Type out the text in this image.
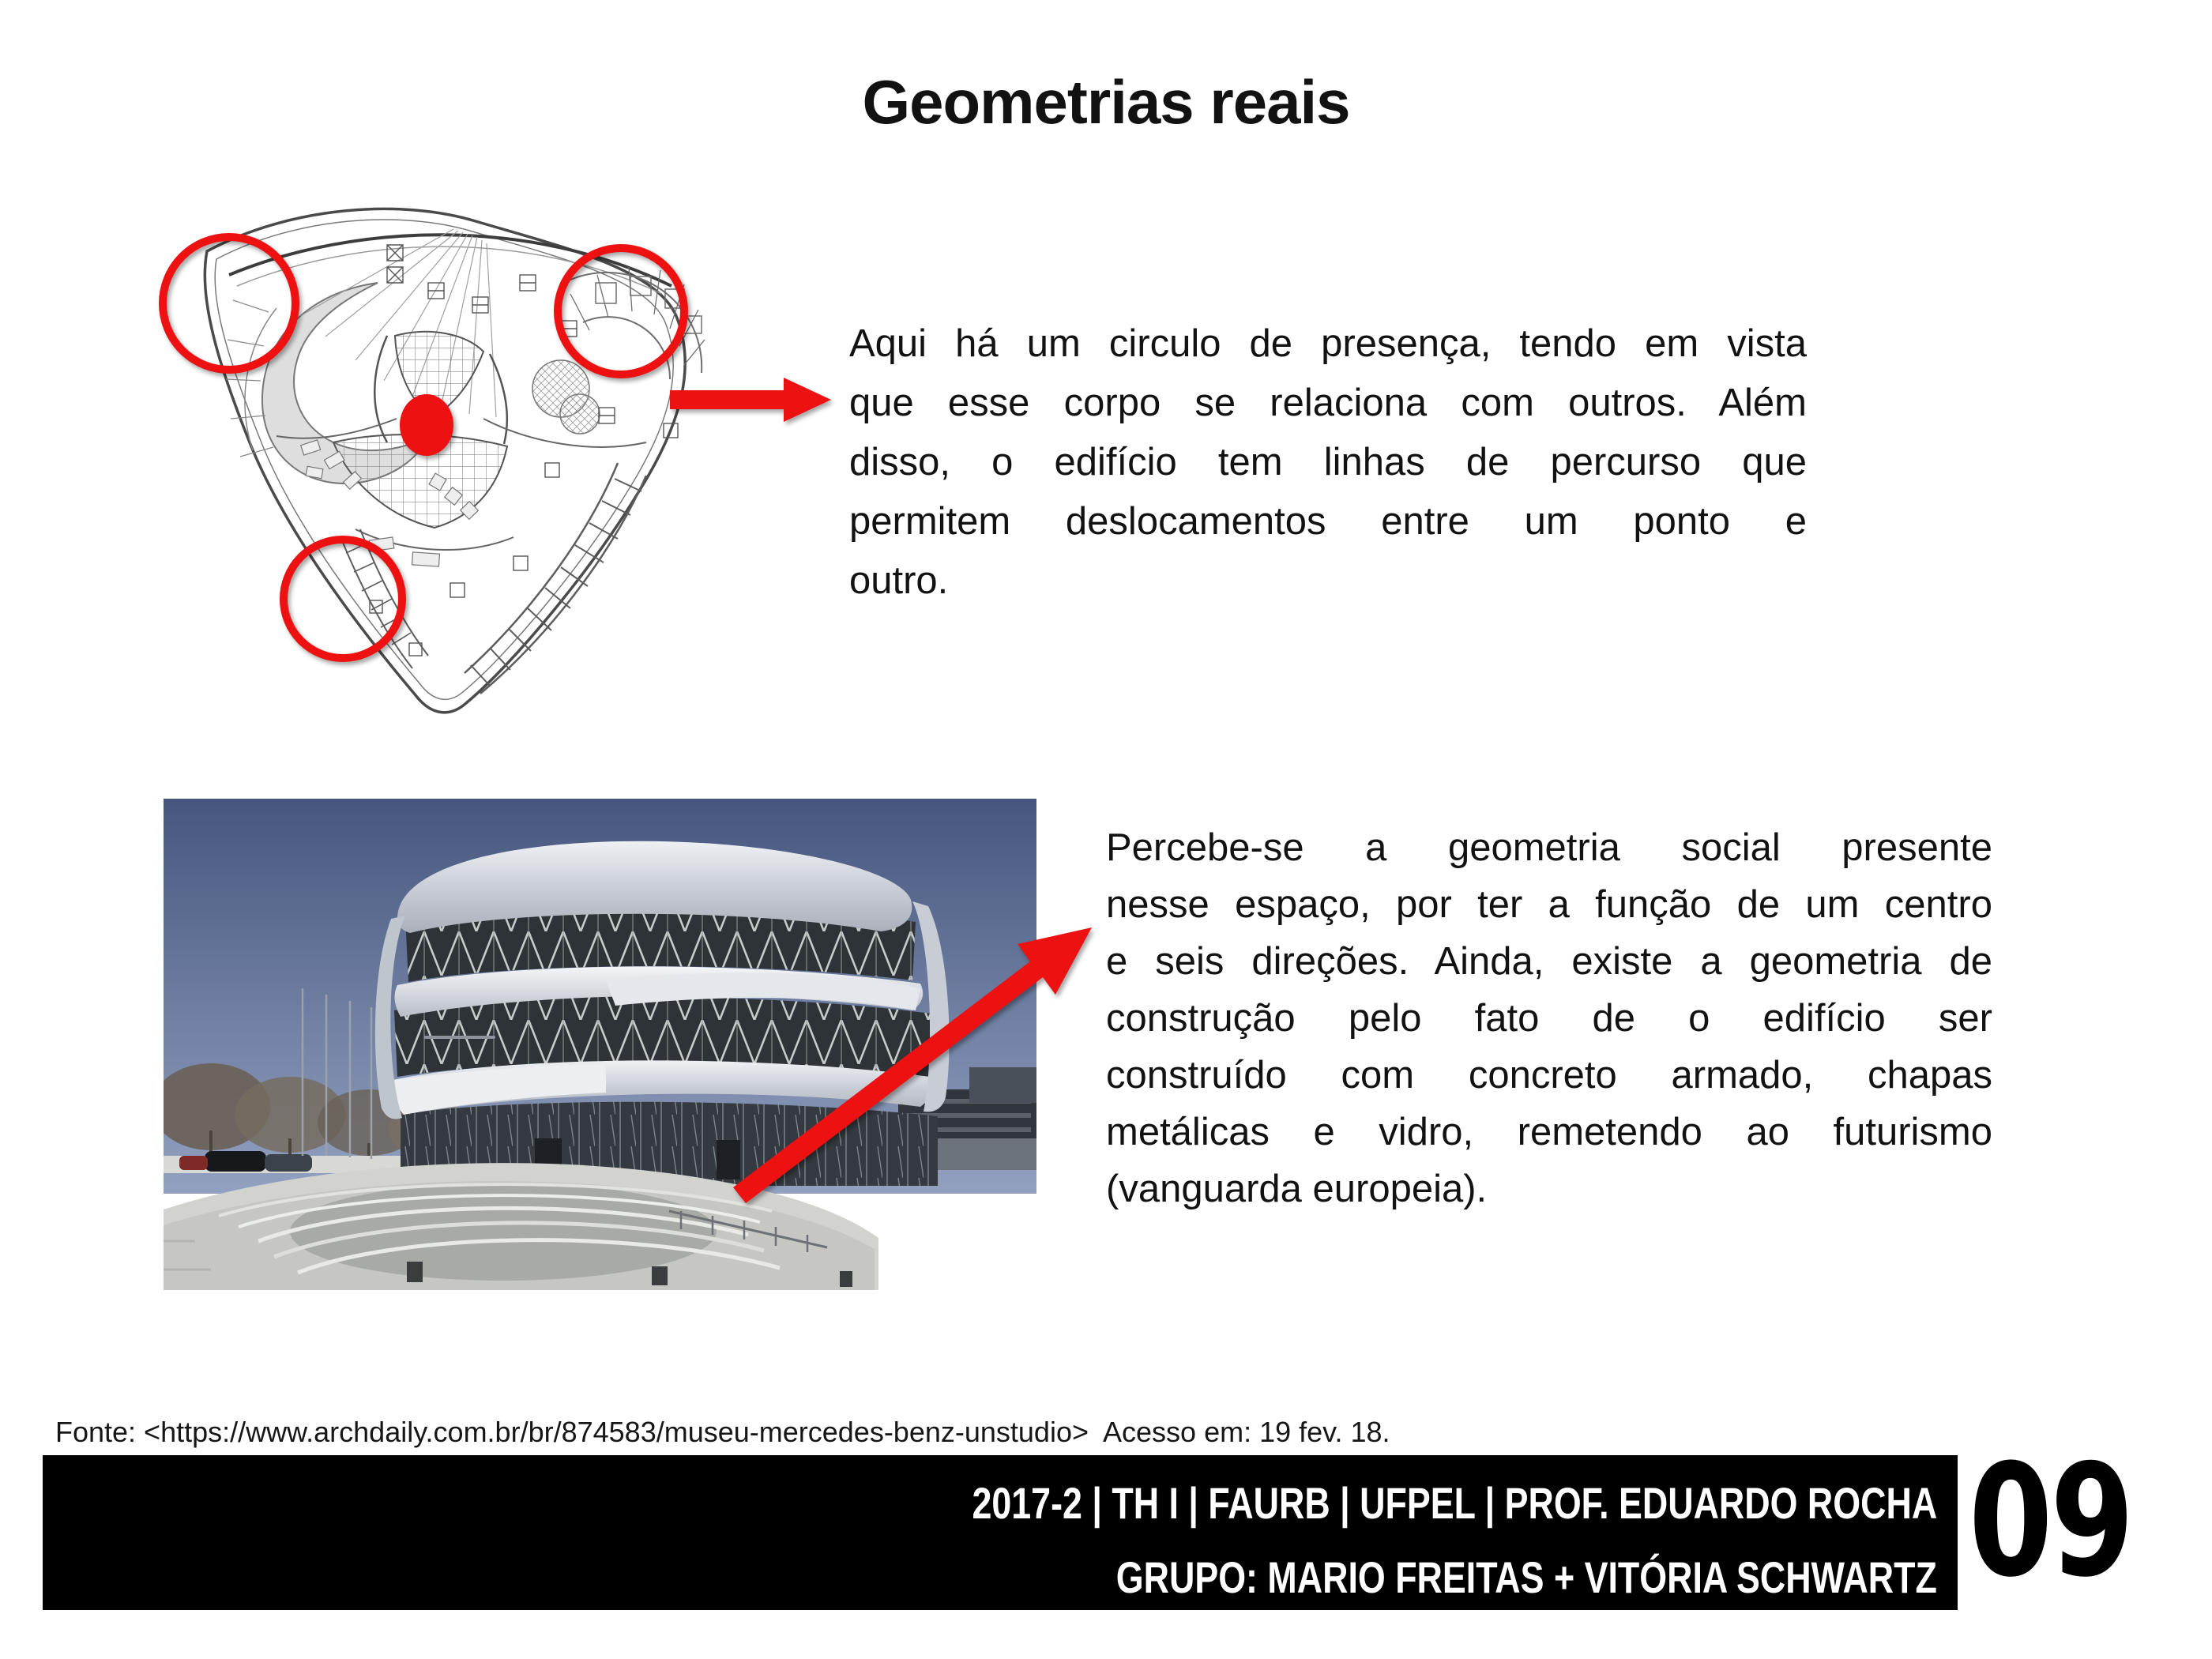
Geometrias reais
Aqui há um circulo de presença, tendo em vista
que esse corpo se relaciona com outros. Além
disso, o edifício tem linhas de percurso que
permitem deslocamentos entre um ponto e
outro.
Percebe-se a geometria social presente
nesse espaço, por ter a função de um centro
e seis direções. Ainda, existe a geometria de
construção pelo fato de o edifício ser
construído com concreto armado, chapas
metálicas e vidro, remetendo ao futurismo
(vanguarda europeia).
Fonte: <https://www.archdaily.com.br/br/874583/museu-mercedes-benz-unstudio>  Acesso em: 19 fev. 18.
2017-2 | TH I | FAURB | UFPEL | PROF. EDUARDO ROCHA
GRUPO: MARIO FREITAS + VITÓRIA SCHWARTZ 09
